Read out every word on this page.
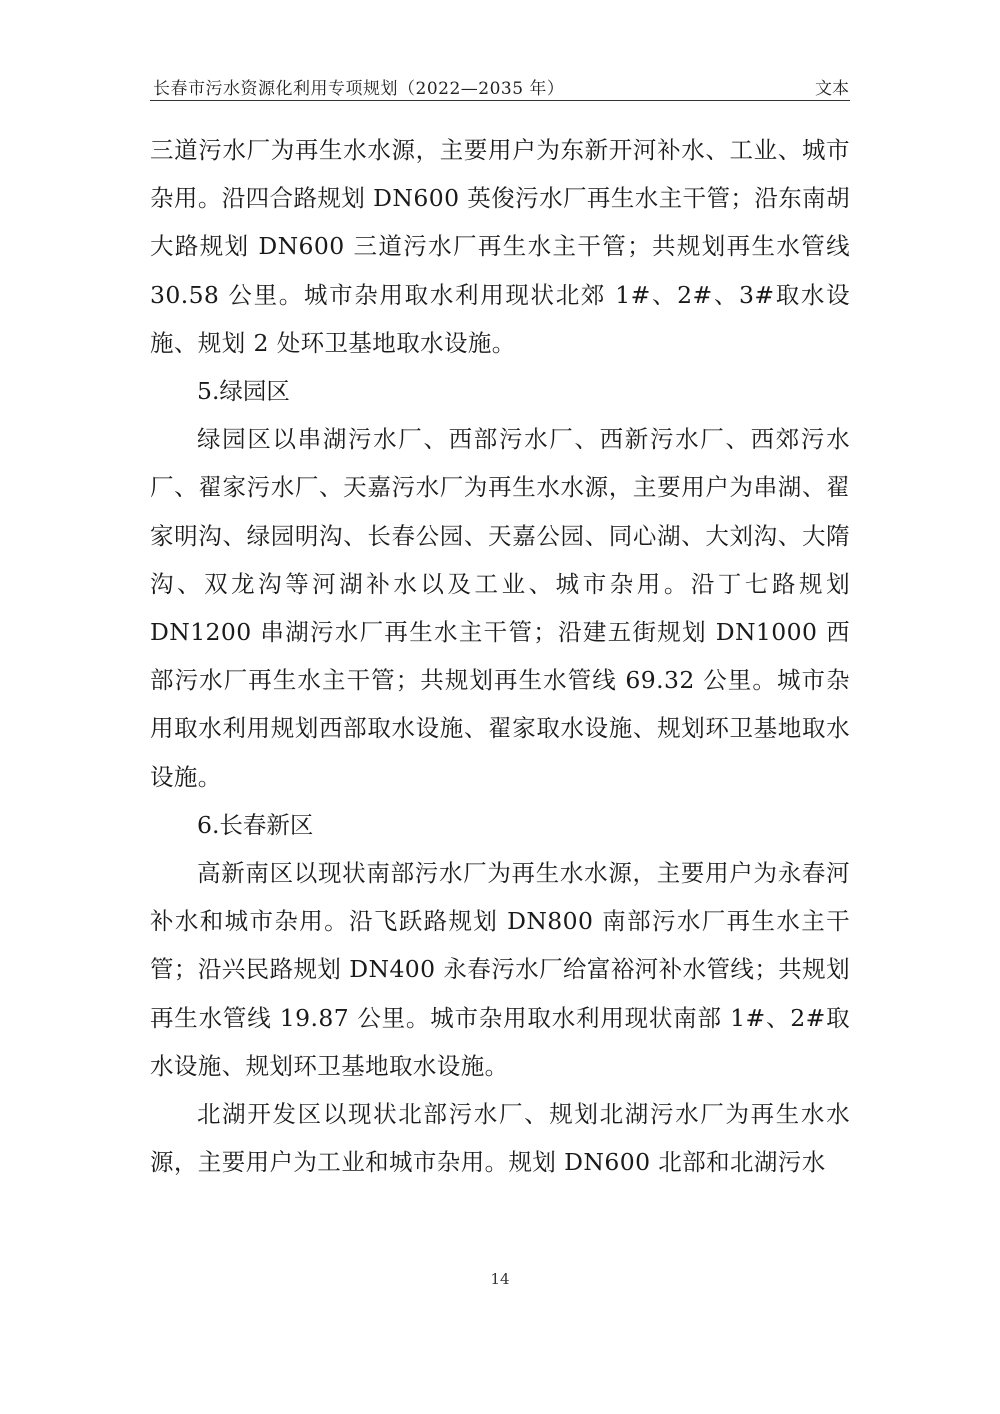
长春市污水资源化利用专项规划（2022—2035 年）	文本

三道污水厂为再生水水源，主要用户为东新开河补水、工业、城市杂用。沿四合路规划 DN600 英俊污水厂再生水主干管；沿东南胡大路规划 DN600 三道污水厂再生水主干管；共规划再生水管线 30.58 公里。城市杂用取水利用现状北郊 1#、2#、3#取水设施、规划 2 处环卫基地取水设施。

5.绿园区

绿园区以串湖污水厂、西部污水厂、西新污水厂、西郊污水厂、翟家污水厂、天嘉污水厂为再生水水源，主要用户为串湖、翟家明沟、绿园明沟、长春公园、天嘉公园、同心湖、大刘沟、大隋沟、双龙沟等河湖补水以及工业、城市杂用。沿丁七路规划 DN1200 串湖污水厂再生水主干管；沿建五街规划 DN1000 西部污水厂再生水主干管；共规划再生水管线 69.32 公里。城市杂用取水利用规划西部取水设施、翟家取水设施、规划环卫基地取水设施。

6.长春新区

高新南区以现状南部污水厂为再生水水源，主要用户为永春河补水和城市杂用。沿飞跃路规划 DN800 南部污水厂再生水主干管；沿兴民路规划 DN400 永春污水厂给富裕河补水管线；共规划再生水管线 19.87 公里。城市杂用取水利用现状南部 1#、2#取水设施、规划环卫基地取水设施。

北湖开发区以现状北部污水厂、规划北湖污水厂为再生水水源，主要用户为工业和城市杂用。规划 DN600 北部和北湖污水

14
